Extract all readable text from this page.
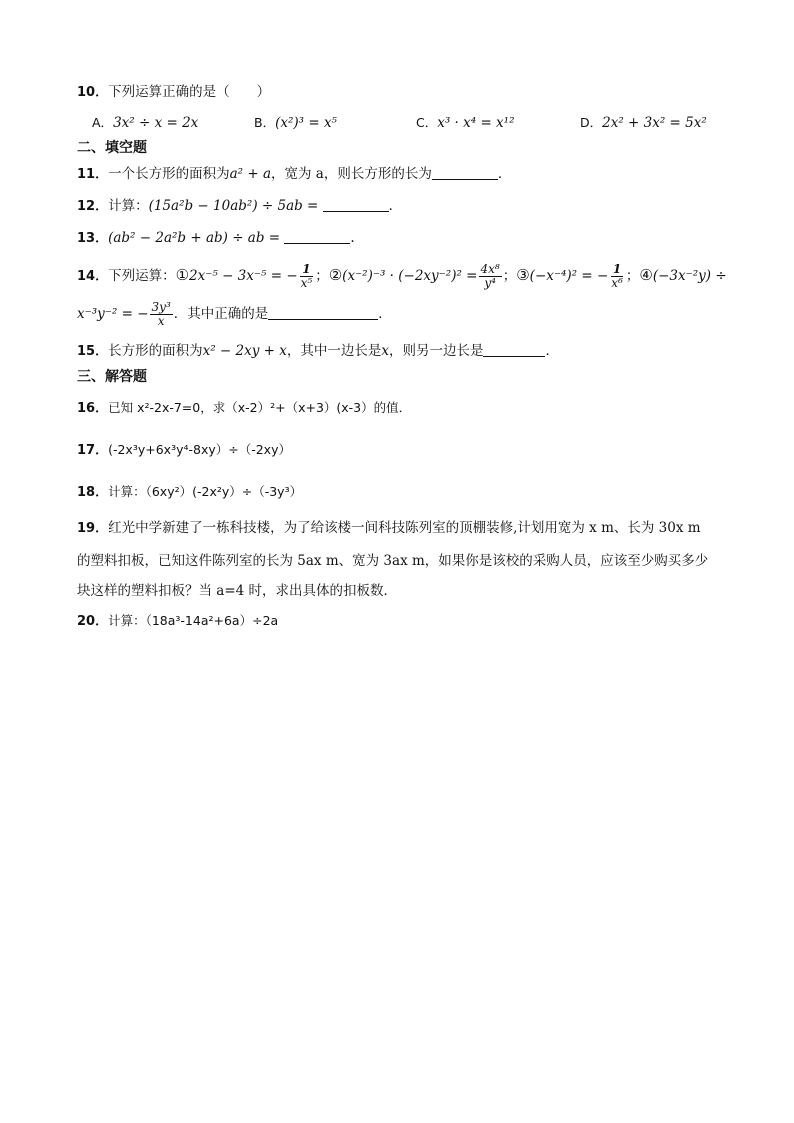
10．下列运算正确的是（　　）
A．3x² ÷ x = 2x	B．(x²)³ = x⁵	C．x³ · x⁴ = x¹²	D．2x² + 3x² = 5x²
二、填空题
11．一个长方形的面积为a² + a，宽为 a，则长方形的长为	．
12．计算：(15a²b − 10ab²) ÷ 5ab =	．
13．(ab² − 2a²b + ab) ÷ ab =	.
14．下列运算：①2x⁻⁵ − 3x⁻⁵ = − $\frac{1}{\text{x⁵}}$ ；②(x⁻²)⁻³ · $(-2xy^{-2})^2 = \frac{\text{4x⁸}}{\text{y⁴}}$ ；③(−x⁻⁴)² = − $\frac{1}{\text{x⁶}}$ ；④(−3x⁻²y) ÷
x⁻³y⁻² = − $\frac{\text{3y³}}{x}$ ．其中正确的是	．
15．长方形的面积为x² − 2xy + x，其中一边长是x，则另一边长是	．
三、解答题
16．已知 x²-2x-7=0，求（x-2）²+（x+3）(x-3）的值．
17．(-2x³y+6x³y⁴-8xy）÷（-2xy）
18．计算：（6xy²）(-2x²y）÷（-3y³）
19．红光中学新建了一栋科技楼，为了给该楼一间科技陈列室的顶棚装修,计划用宽为 x m、长为 30x m
的塑料扣板，已知这件陈列室的长为 5ax m、宽为 3ax m，如果你是该校的采购人员，应该至少购买多少
块这样的塑料扣板？当 a=4 时，求出具体的扣板数．
20．计算：（18a³-14a²+6a）÷2a
